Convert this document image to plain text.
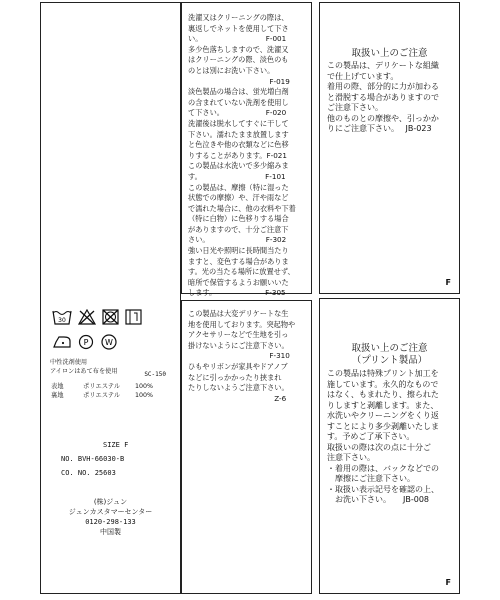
30
P W
中性洗剤使用
アイロンはあて布を使用	SC-150
表地	ポリエステル	100%
裏地	ポリエステル	100%
SIZE F
NO. BVH-66030-B
CO. NO. 25603
(株)ジュン
ジュンカスタマーセンター
0120-298-133
中国製
洗濯又はクリーニングの際は、
裏返しでネットを使用して下さ
い。　　　　　　　　　 F-001
多少色落ちしますので、洗濯又
はクリーニングの際、淡色のも
のとは別にお洗い下さい。
　　　　　　　　　　　 F-019
淡色製品の場合は、蛍光増白剤
の含まれていない洗剤を使用し
て下さい。　　　　　　 F-020
洗濯後は脱水してすぐに干して
下さい。濡れたまま放置します
と色泣きや他の衣類などに色移
りすることがあります。F-021
この製品は水洗いで多少縮みま
す。　　　　　　　　　 F-101
この製品は、摩擦（特に湿った
状態での摩擦）や、汗や雨など
で濡れた場合に、他の衣料や下着
（特に白物）に色移りする場合
がありますので、十分ご注意下
さい。　　　　　　　　 F-302
強い日光や照明に長時間当たり
ますと、変色する場合がありま
す。光の当たる場所に放置せず、
暗所で保管するようお願いいた
します。　　　　　　　 F-305
この製品は大変デリケートな生
地を使用しております。突起物や
アクセサリーなどで生地を引っ
掛けないようにご注意下さい。
　　　　　　　　　　　 F-310
ひもやリボンが家具やドアノブ
などに引っかかったり挟まれ
たりしないようご注意下さい。
　　　　　　　　　　　　Z-6
取扱い上のご注意
この製品は、デリケートな組織
で仕上げています。
着用の際、部分的に力が加わる
と滑脱する場合がありますので
ご注意下さい。
他のものとの摩擦や、引っかか
りにご注意下さい。　 JB-023
F
取扱い上のご注意
（プリント製品）
この製品は特殊プリント加工を
施しています。永久的なもので
はなく、もまれたり、擦られた
りしますと剥離します。また、
水洗いやクリーニングをくり返
すことにより多少剥離いたしま
す。予めご了承下さい。
取扱いの際は次の点に十分ご
注意下さい。
・着用の際は、バックなどでの
　摩擦にご注意下さい。
・取扱い表示記号を確認の上、
　お洗い下さい。　　JB-008
F
